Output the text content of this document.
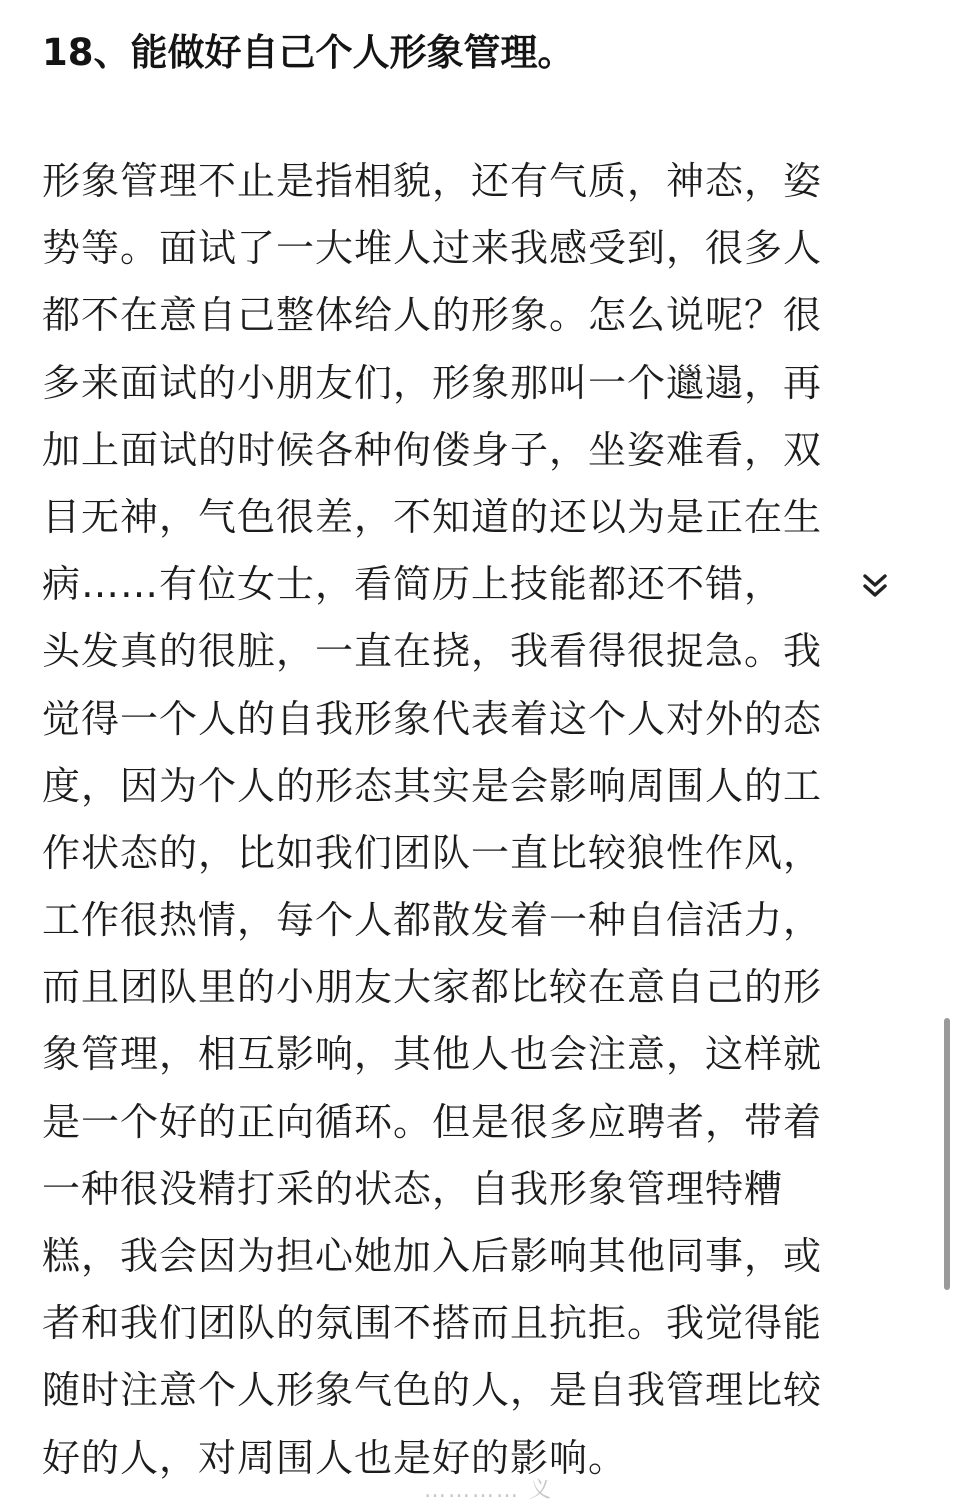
18、能做好自己个人形象管理。
形象管理不止是指相貌，还有气质，神态，姿
势等。面试了一大堆人过来我感受到，很多人
都不在意自己整体给人的形象。怎么说呢？很
多来面试的小朋友们，形象那叫一个邋遢，再
加上面试的时候各种佝偻身子，坐姿难看，双
目无神，气色很差，不知道的还以为是正在生
病……有位女士，看简历上技能都还不错，
头发真的很脏，一直在挠，我看得很捉急。我
觉得一个人的自我形象代表着这个人对外的态
度，因为个人的形态其实是会影响周围人的工
作状态的，比如我们团队一直比较狼性作风，
工作很热情，每个人都散发着一种自信活力，
而且团队里的小朋友大家都比较在意自己的形
象管理，相互影响，其他人也会注意，这样就
是一个好的正向循环。但是很多应聘者，带着
一种很没精打采的状态，自我形象管理特糟
糕，我会因为担心她加入后影响其他同事，或
者和我们团队的氛围不搭而且抗拒。我觉得能
随时注意个人形象气色的人，是自我管理比较
好的人，对周围人也是好的影响。
………… 义
